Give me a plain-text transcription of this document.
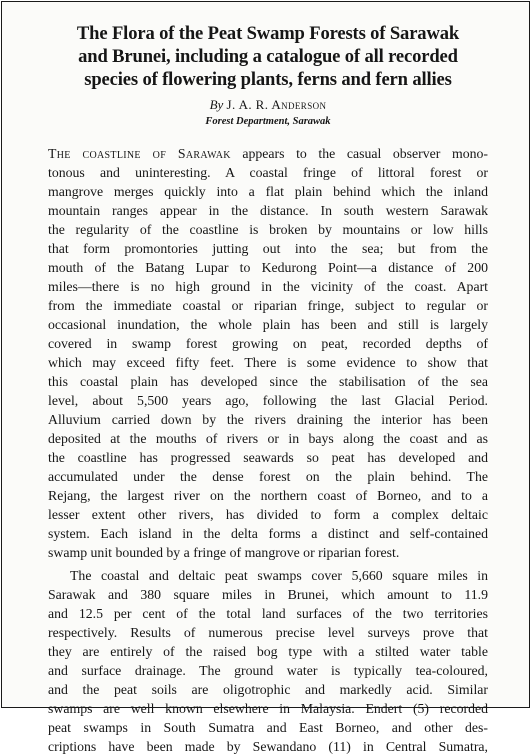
The Flora of the Peat Swamp Forests of Sarawak
and Brunei, including a catalogue of all recorded
species of flowering plants, ferns and fern allies
By J. A. R. Anderson
Forest Department, Sarawak
The coastline of Sarawak appears to the casual observer mono-
tonous and uninteresting. A coastal fringe of littoral forest or
mangrove merges quickly into a flat plain behind which the inland
mountain ranges appear in the distance. In south western Sarawak
the regularity of the coastline is broken by mountains or low hills
that form promontories jutting out into the sea; but from the
mouth of the Batang Lupar to Kedurong Point—a distance of 200
miles—there is no high ground in the vicinity of the coast. Apart
from the immediate coastal or riparian fringe, subject to regular or
occasional inundation, the whole plain has been and still is largely
covered in swamp forest growing on peat, recorded depths of
which may exceed fifty feet. There is some evidence to show that
this coastal plain has developed since the stabilisation of the sea
level, about 5,500 years ago, following the last Glacial Period.
Alluvium carried down by the rivers draining the interior has been
deposited at the mouths of rivers or in bays along the coast and as
the coastline has progressed seawards so peat has developed and
accumulated under the dense forest on the plain behind. The
Rejang, the largest river on the northern coast of Borneo, and to a
lesser extent other rivers, has divided to form a complex deltaic
system. Each island in the delta forms a distinct and self-contained
swamp unit bounded by a fringe of mangrove or riparian forest.
The coastal and deltaic peat swamps cover 5,660 square miles in
Sarawak and 380 square miles in Brunei, which amount to 11.9
and 12.5 per cent of the total land surfaces of the two territories
respectively. Results of numerous precise level surveys prove that
they are entirely of the raised bog type with a stilted water table
and surface drainage. The ground water is typically tea-coloured,
and the peat soils are oligotrophic and markedly acid. Similar
swamps are well known elsewhere in Malaysia. Endert (5) recorded
peat swamps in South Sumatra and East Borneo, and other des-
criptions have been made by Sewandano (11) in Central Sumatra,
